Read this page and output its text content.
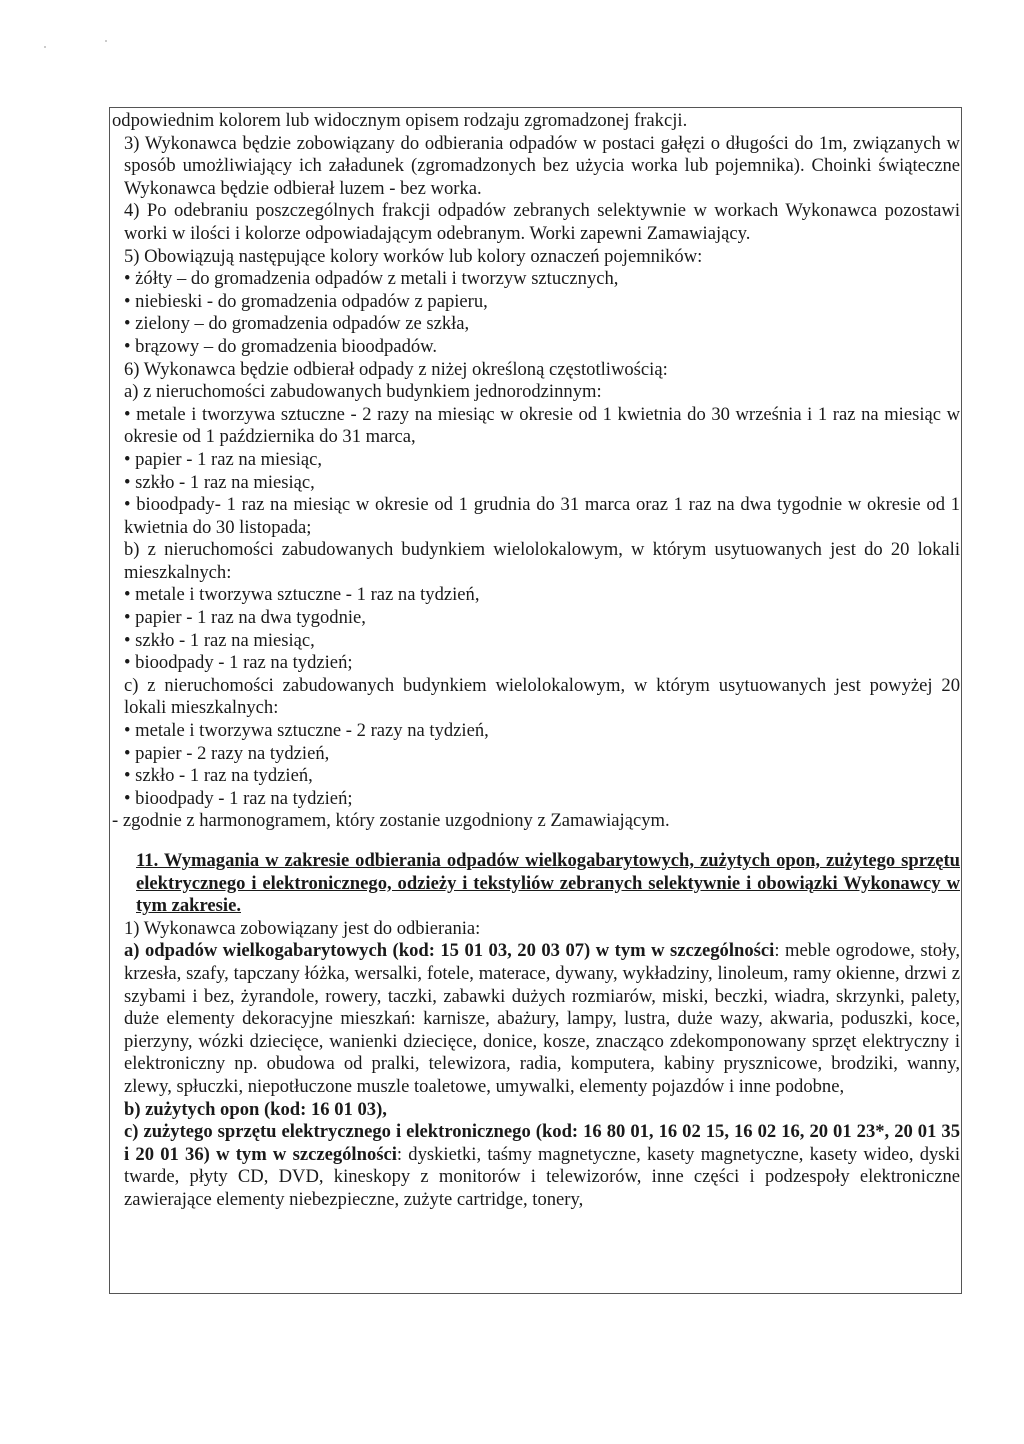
odpowiednim kolorem lub widocznym opisem rodzaju zgromadzonej frakcji.

3) Wykonawca będzie zobowiązany do odbierania odpadów w postaci gałęzi o długości do 1m, związanych w sposób umożliwiający ich załadunek (zgromadzonych bez użycia worka lub pojemnika). Choinki świąteczne Wykonawca będzie odbierał luzem - bez worka.

4) Po odebraniu poszczególnych frakcji odpadów zebranych selektywnie w workach Wykonawca pozostawi worki w ilości i kolorze odpowiadającym odebranym. Worki zapewni Zamawiający.

5) Obowiązują następujące kolory worków lub kolory oznaczeń pojemników:

• żółty – do gromadzenia odpadów z metali i tworzyw sztucznych,

• niebieski - do gromadzenia odpadów z papieru,

• zielony – do gromadzenia odpadów ze szkła,

• brązowy – do gromadzenia bioodpadów.

6) Wykonawca będzie odbierał odpady z niżej określoną częstotliwością:

a) z nieruchomości zabudowanych budynkiem jednorodzinnym:

• metale i tworzywa sztuczne - 2 razy na miesiąc w okresie od 1 kwietnia do 30 września i 1 raz na miesiąc w okresie od 1 października do 31 marca,

• papier - 1 raz na miesiąc,

• szkło - 1 raz na miesiąc,

• bioodpady- 1 raz na miesiąc w okresie od 1 grudnia do 31 marca oraz 1 raz na dwa tygodnie w okresie od 1 kwietnia do 30 listopada;

b) z nieruchomości zabudowanych budynkiem wielolokalowym, w którym usytuowanych jest do 20 lokali mieszkalnych:

• metale i tworzywa sztuczne - 1 raz na tydzień,

• papier - 1 raz na dwa tygodnie,

• szkło - 1 raz na miesiąc,

• bioodpady - 1 raz na tydzień;

c) z nieruchomości zabudowanych budynkiem wielolokalowym, w którym usytuowanych jest powyżej 20 lokali mieszkalnych:

• metale i tworzywa sztuczne - 2 razy na tydzień,

• papier - 2 razy na tydzień,

• szkło - 1 raz na tydzień,

• bioodpady - 1 raz na tydzień;

- zgodnie z harmonogramem, który zostanie uzgodniony z Zamawiającym.

11. Wymagania w zakresie odbierania odpadów wielkogabarytowych, zużytych opon, zużytego sprzętu elektrycznego i elektronicznego, odzieży i tekstyliów zebranych selektywnie i obowiązki Wykonawcy w tym zakresie.

1) Wykonawca zobowiązany jest do odbierania:

a) odpadów wielkogabarytowych (kod: 15 01 03, 20 03 07) w tym w szczególności: meble ogrodowe, stoły, krzesła, szafy, tapczany łóżka, wersalki, fotele, materace, dywany, wykładziny, linoleum, ramy okienne, drzwi z szybami i bez, żyrandole, rowery, taczki, zabawki dużych rozmiarów, miski, beczki, wiadra, skrzynki, palety, duże elementy dekoracyjne mieszkań: karnisze, abażury, lampy, lustra, duże wazy, akwaria, poduszki, koce, pierzyny, wózki dziecięce, wanienki dziecięce, donice, kosze, znacząco zdekomponowany sprzęt elektryczny i elektroniczny np. obudowa od pralki, telewizora, radia, komputera, kabiny prysznicowe, brodziki, wanny, zlewy, spłuczki, niepotłuczone muszle toaletowe, umywalki, elementy pojazdów i inne podobne,

b) zużytych opon (kod: 16 01 03),

c) zużytego sprzętu elektrycznego i elektronicznego (kod: 16 80 01, 16 02 15, 16 02 16, 20 01 23*, 20 01 35 i 20 01 36) w tym w szczególności: dyskietki, taśmy magnetyczne, kasety magnetyczne, kasety wideo, dyski twarde, płyty CD, DVD, kineskopy z monitorów i telewizorów, inne części i podzespoły elektroniczne zawierające elementy niebezpieczne, zużyte cartridge, tonery,
